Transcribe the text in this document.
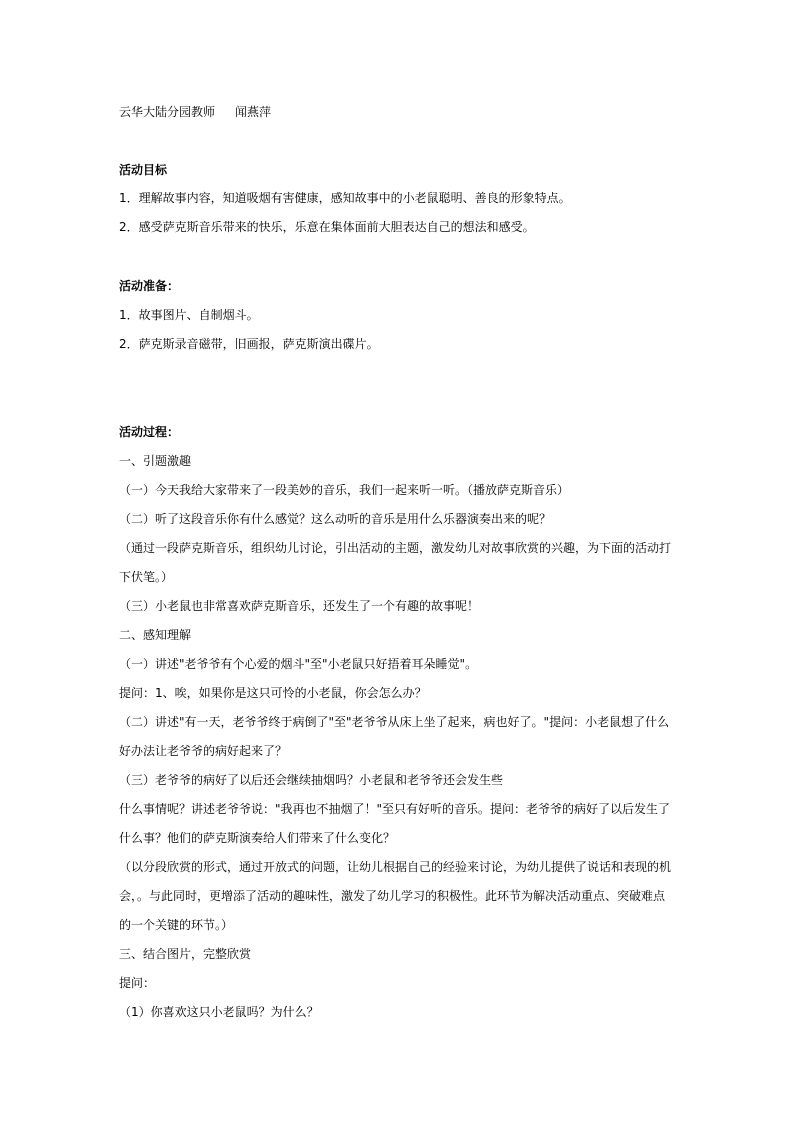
云华大陆分园教师 闻燕萍
活动目标
1．理解故事内容，知道吸烟有害健康，感知故事中的小老鼠聪明、善良的形象特点。
2．感受萨克斯音乐带来的快乐，乐意在集体面前大胆表达自己的想法和感受。
活动准备：
1．故事图片、自制烟斗。
2．萨克斯录音磁带，旧画报，萨克斯演出碟片。
活动过程：
一、引题激趣
（一）今天我给大家带来了一段美妙的音乐，我们一起来听一听。（播放萨克斯音乐）
（二）听了这段音乐你有什么感觉？这么动听的音乐是用什么乐器演奏出来的呢？
（通过一段萨克斯音乐，组织幼儿讨论，引出活动的主题，激发幼儿对故事欣赏的兴趣，为下面的活动打
下伏笔。）
（三）小老鼠也非常喜欢萨克斯音乐，还发生了一个有趣的故事呢！
二、感知理解
（一）讲述"老爷爷有个心爱的烟斗"至"小老鼠只好捂着耳朵睡觉"。
提问：1、唉，如果你是这只可怜的小老鼠，你会怎么办？
（二）讲述"有一天，老爷爷终于病倒了"至"老爷爷从床上坐了起来，病也好了。"提问：小老鼠想了什么
好办法让老爷爷的病好起来了？
（三）老爷爷的病好了以后还会继续抽烟吗？小老鼠和老爷爷还会发生些
什么事情呢？讲述老爷爷说："我再也不抽烟了！"至只有好听的音乐。提问：老爷爷的病好了以后发生了
什么事？他们的萨克斯演奏给人们带来了什么变化？
（以分段欣赏的形式，通过开放式的问题，让幼儿根据自己的经验来讨论，为幼儿提供了说话和表现的机
会，。与此同时，更增添了活动的趣味性，激发了幼儿学习的积极性。此环节为解决活动重点、突破难点
的一个关键的环节。）
三、结合图片，完整欣赏
提问：
（1）你喜欢这只小老鼠吗？为什么？
